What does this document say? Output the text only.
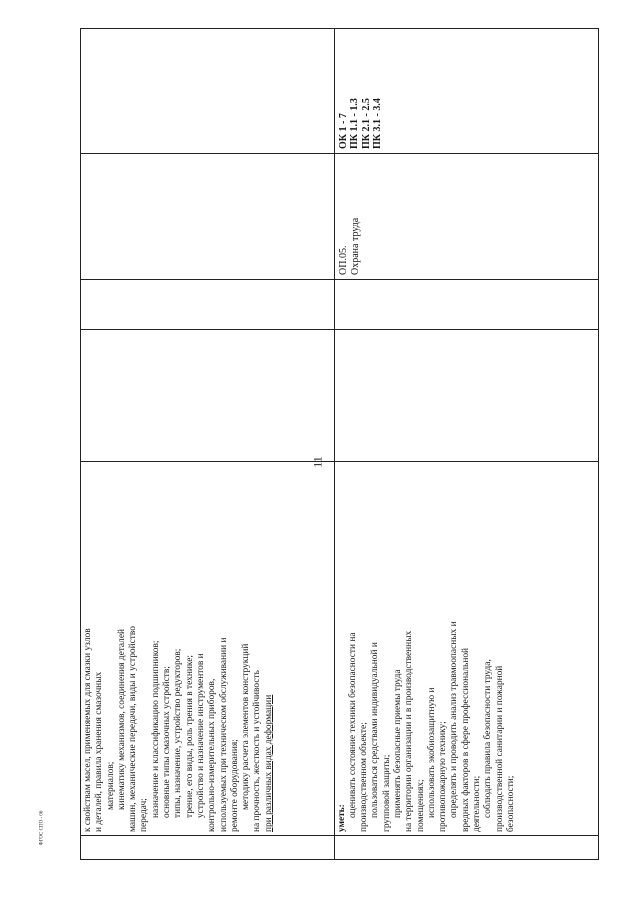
11

к свойствам масел, применяемых для смазки узлов и деталей, правила хранения смазочных материалов; кинематику механизмов, соединения деталей машин, механические передачи, виды и устройство передач; назначение и классификацию подшипников; основные типы смазочных устройств; типы, назначение, устройство редукторов; трение, его виды, роль трения в технике; устройство и назначение инструментов и контрольно-измерительных приборов, используемых при техническом обслуживании и ремонте оборудования; методику расчета элементов конструкций на прочность, жесткость и устойчивость при различных видах деформации	уметь:
оценивать состояние техники безопасности на производственном объекте; пользоваться средствами индивидуальной и групповой защиты; применять безопасные приемы труда на территории организации и в производственных помещениях; использовать экобиозащитную и противопожарную технику; определять и проводить анализ травмоопасных и вредных факторов в сфере профессиональной деятельности; соблюдать правила безопасности труда, производственной санитарии и пожарной безопасности;

ОП.05. Охрана труда
ОК 1 - 7 ПК 1.1 - 1.3 ПК 2.1 - 2.5 ПК 3.1 - 3.4
ФГОС СПО - 06
